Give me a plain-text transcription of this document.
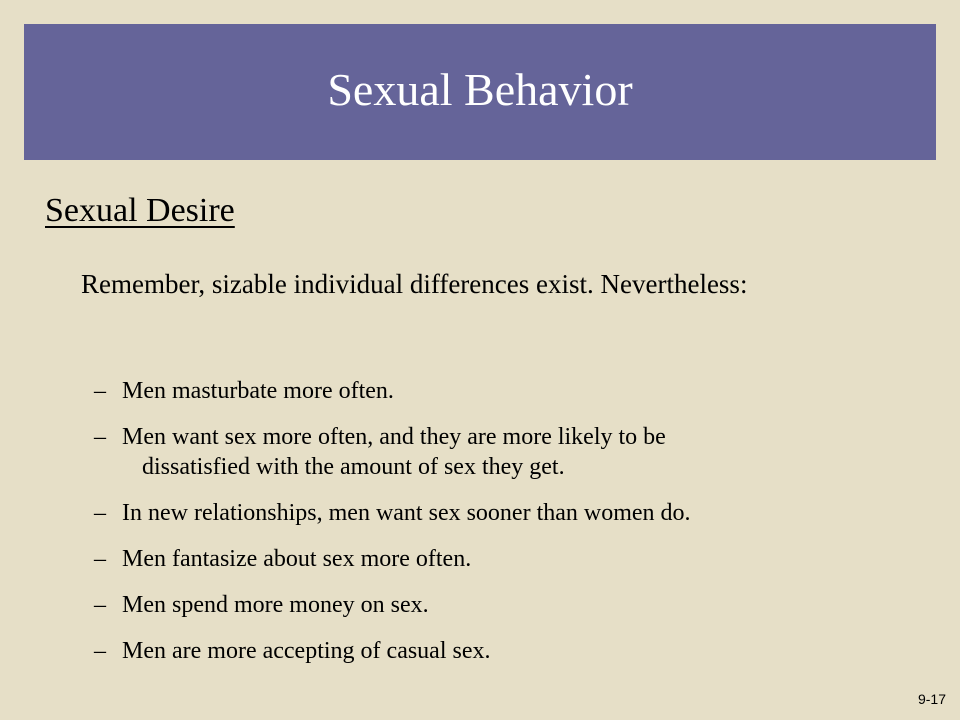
Sexual Behavior
Sexual Desire
Remember, sizable individual differences exist. Nevertheless:
– Men masturbate more often.
– Men want sex more often, and they are more likely to be
dissatisfied with the amount of sex they get.
– In new relationships, men want sex sooner than women do.
– Men fantasize about sex more often.
– Men spend more money on sex.
– Men are more accepting of casual sex.
9-17
